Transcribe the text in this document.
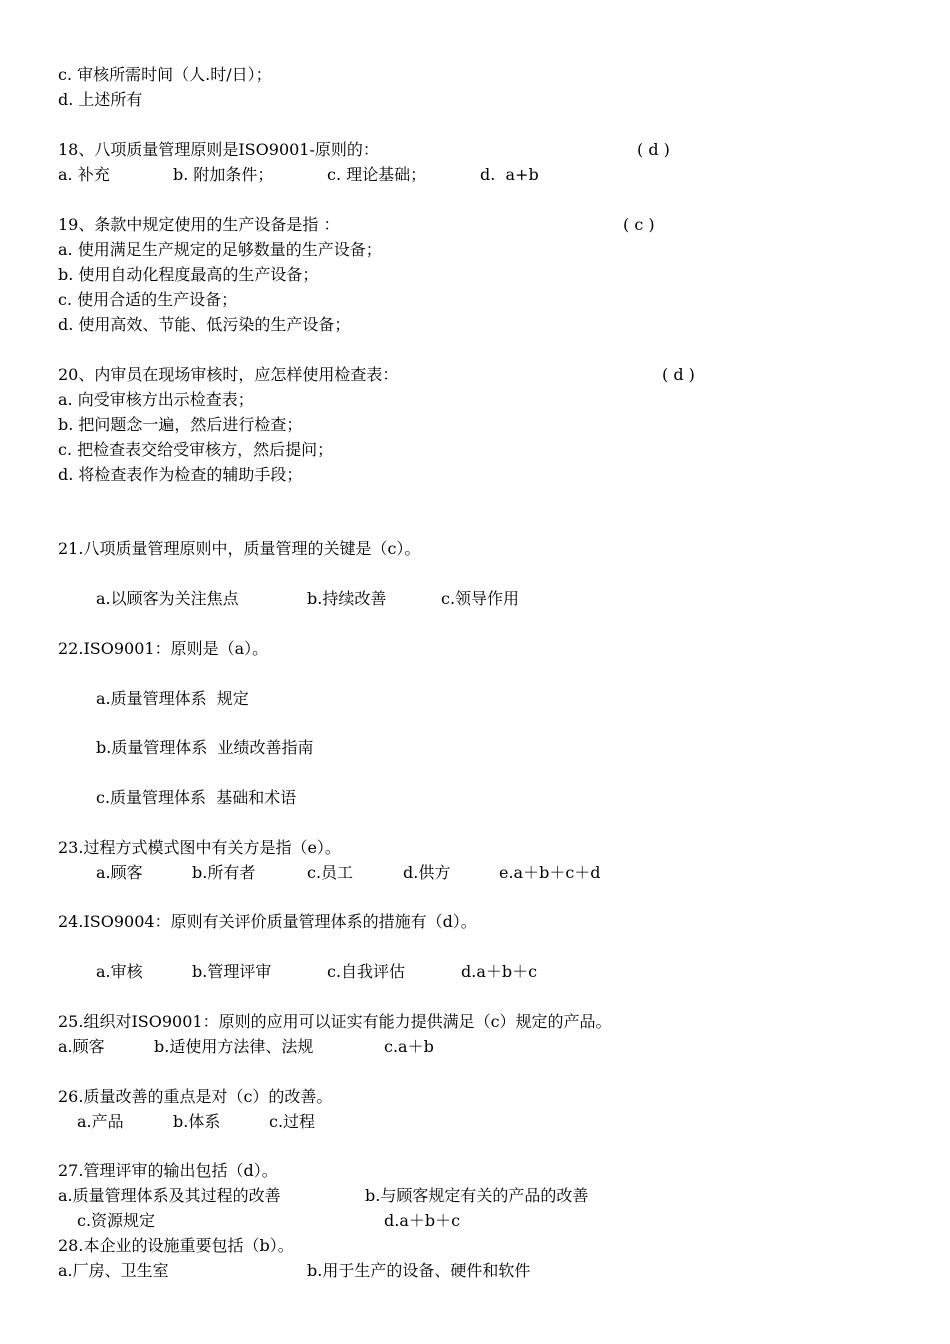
c. 审核所需时间（人.时/日）；
d. 上述所有
18、八项质量管理原则是ISO9001-原则的：	( d )
a. 补充	b. 附加条件；	c. 理论基础；	d.  a+b
19、条款中规定使用的生产设备是指 ：	( c )
a. 使用满足生产规定的足够数量的生产设备；
b. 使用自动化程度最高的生产设备；
c. 使用合适的生产设备；
d. 使用高效、节能、低污染的生产设备；
20、内审员在现场审核时，应怎样使用检查表：	( d )
a. 向受审核方出示检查表；
b. 把问题念一遍，然后进行检查；
c. 把检查表交给受审核方，然后提问；
d. 将检查表作为检查的辅助手段；
21.八项质量管理原则中，质量管理的关键是（c）。
a.以顾客为关注焦点	b.持续改善	c.领导作用
22.ISO9001：原则是（a）。
a.质量管理体系  规定
b.质量管理体系  业绩改善指南
c.质量管理体系  基础和术语
23.过程方式模式图中有关方是指（e）。
a.顾客	b.所有者	c.员工	d.供方	e.a＋b＋c＋d
24.ISO9004：原则有关评价质量管理体系的措施有（d）。
a.审核	b.管理评审	c.自我评估	d.a＋b＋c
25.组织对ISO9001：原则的应用可以证实有能力提供满足（c）规定的产品。
a.顾客	b.适使用方法律、法规	c.a＋b
26.质量改善的重点是对（c）的改善。
a.产品	b.体系	c.过程
27.管理评审的输出包括（d）。
a.质量管理体系及其过程的改善	b.与顾客规定有关的产品的改善
c.资源规定	d.a＋b＋c
28.本企业的设施重要包括（b）。
a.厂房、卫生室	b.用于生产的设备、硬件和软件
